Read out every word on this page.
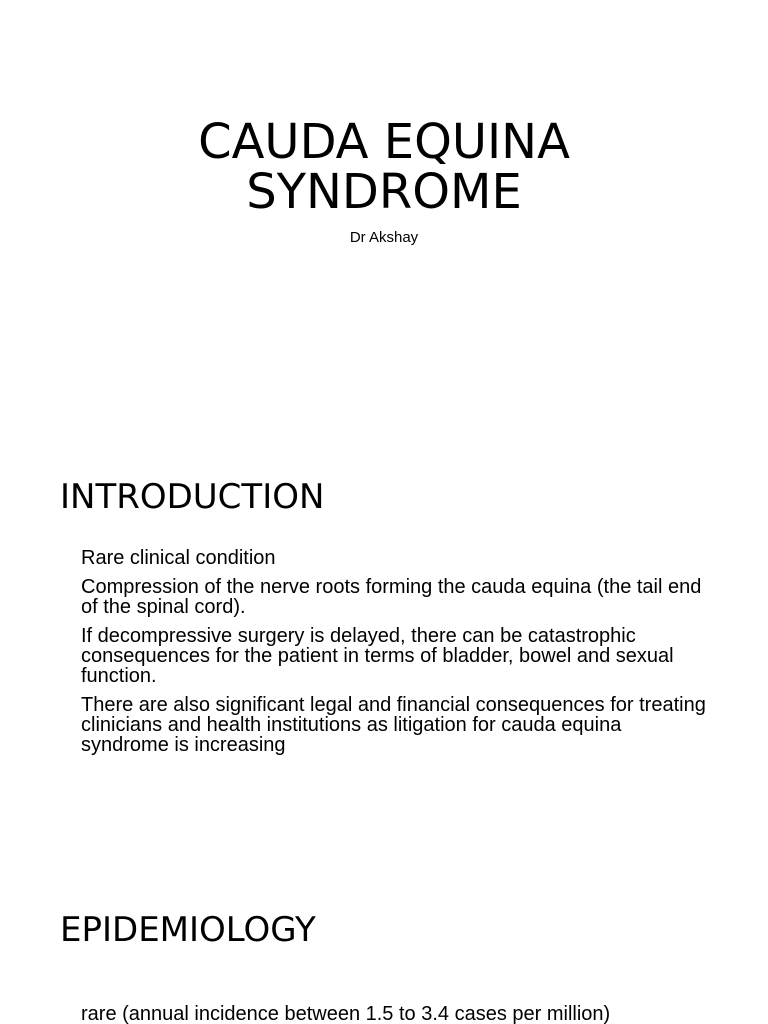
CAUDA EQUINA SYNDROME

Dr Akshay

INTRODUCTION
Rare clinical condition
Compression of the nerve roots forming the cauda equina (the tail end of the spinal cord).
If decompressive surgery is delayed, there can be catastrophic consequences for the patient in terms of bladder, bowel and sexual function.
There are also significant legal and financial consequences for treating clinicians and health institutions as litigation for cauda equina syndrome is increasing
EPIDEMIOLOGY
rare (annual incidence between 1.5 to 3.4 cases per million)
